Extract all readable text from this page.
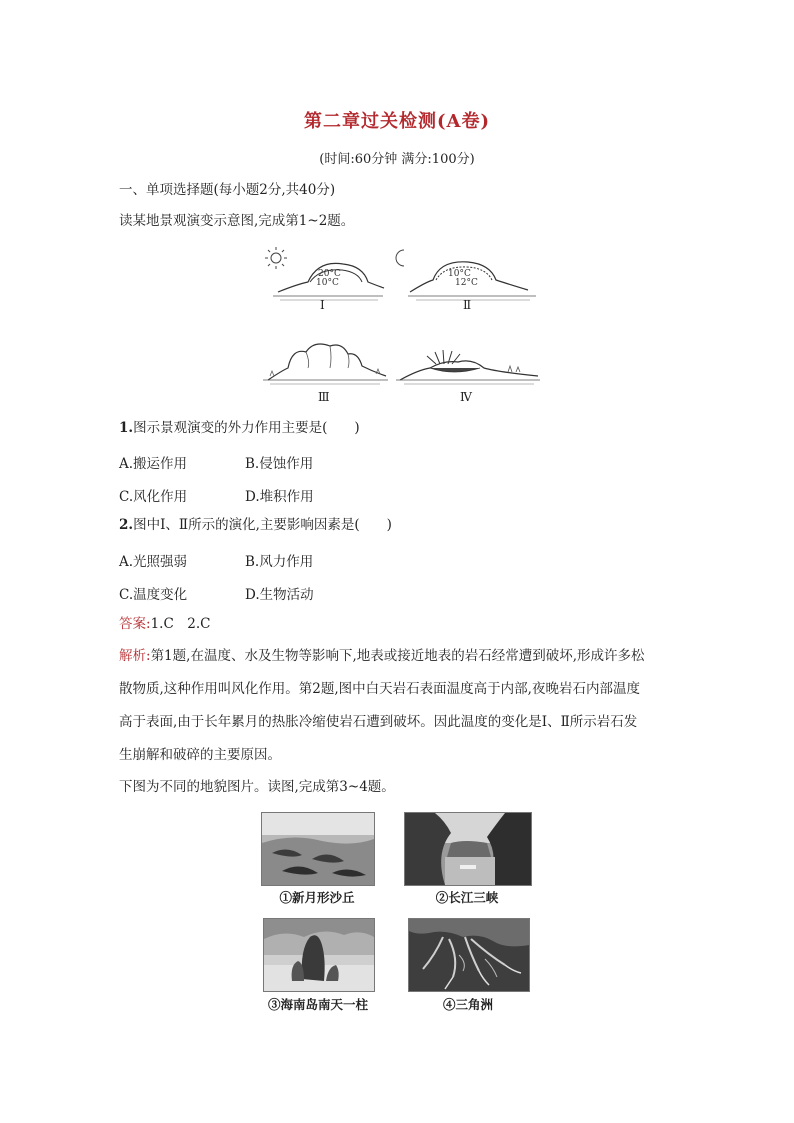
第二章过关检测(A卷)
(时间:60分钟 满分:100分)
一、单项选择题(每小题2分,共40分)
读某地景观演变示意图,完成第1~2题。
20°C
10°C
10°C
12°C
Ⅰ	Ⅱ
Ⅲ	Ⅳ
1.图示景观演变的外力作用主要是(　　)
A.搬运作用	B.侵蚀作用
C.风化作用	D.堆积作用
2.图中Ⅰ、Ⅱ所示的演化,主要影响因素是(　　)
A.光照强弱	B.风力作用
C.温度变化	D.生物活动
答案:1.C　2.C
解析:第1题,在温度、水及生物等影响下,地表或接近地表的岩石经常遭到破坏,形成许多松
散物质,这种作用叫风化作用。第2题,图中白天岩石表面温度高于内部,夜晚岩石内部温度
高于表面,由于长年累月的热胀冷缩使岩石遭到破坏。因此温度的变化是Ⅰ、Ⅱ所示岩石发
生崩解和破碎的主要原因。
下图为不同的地貌图片。读图,完成第3~4题。
①新月形沙丘	②长江三峡
③海南岛南天一柱	④三角洲
